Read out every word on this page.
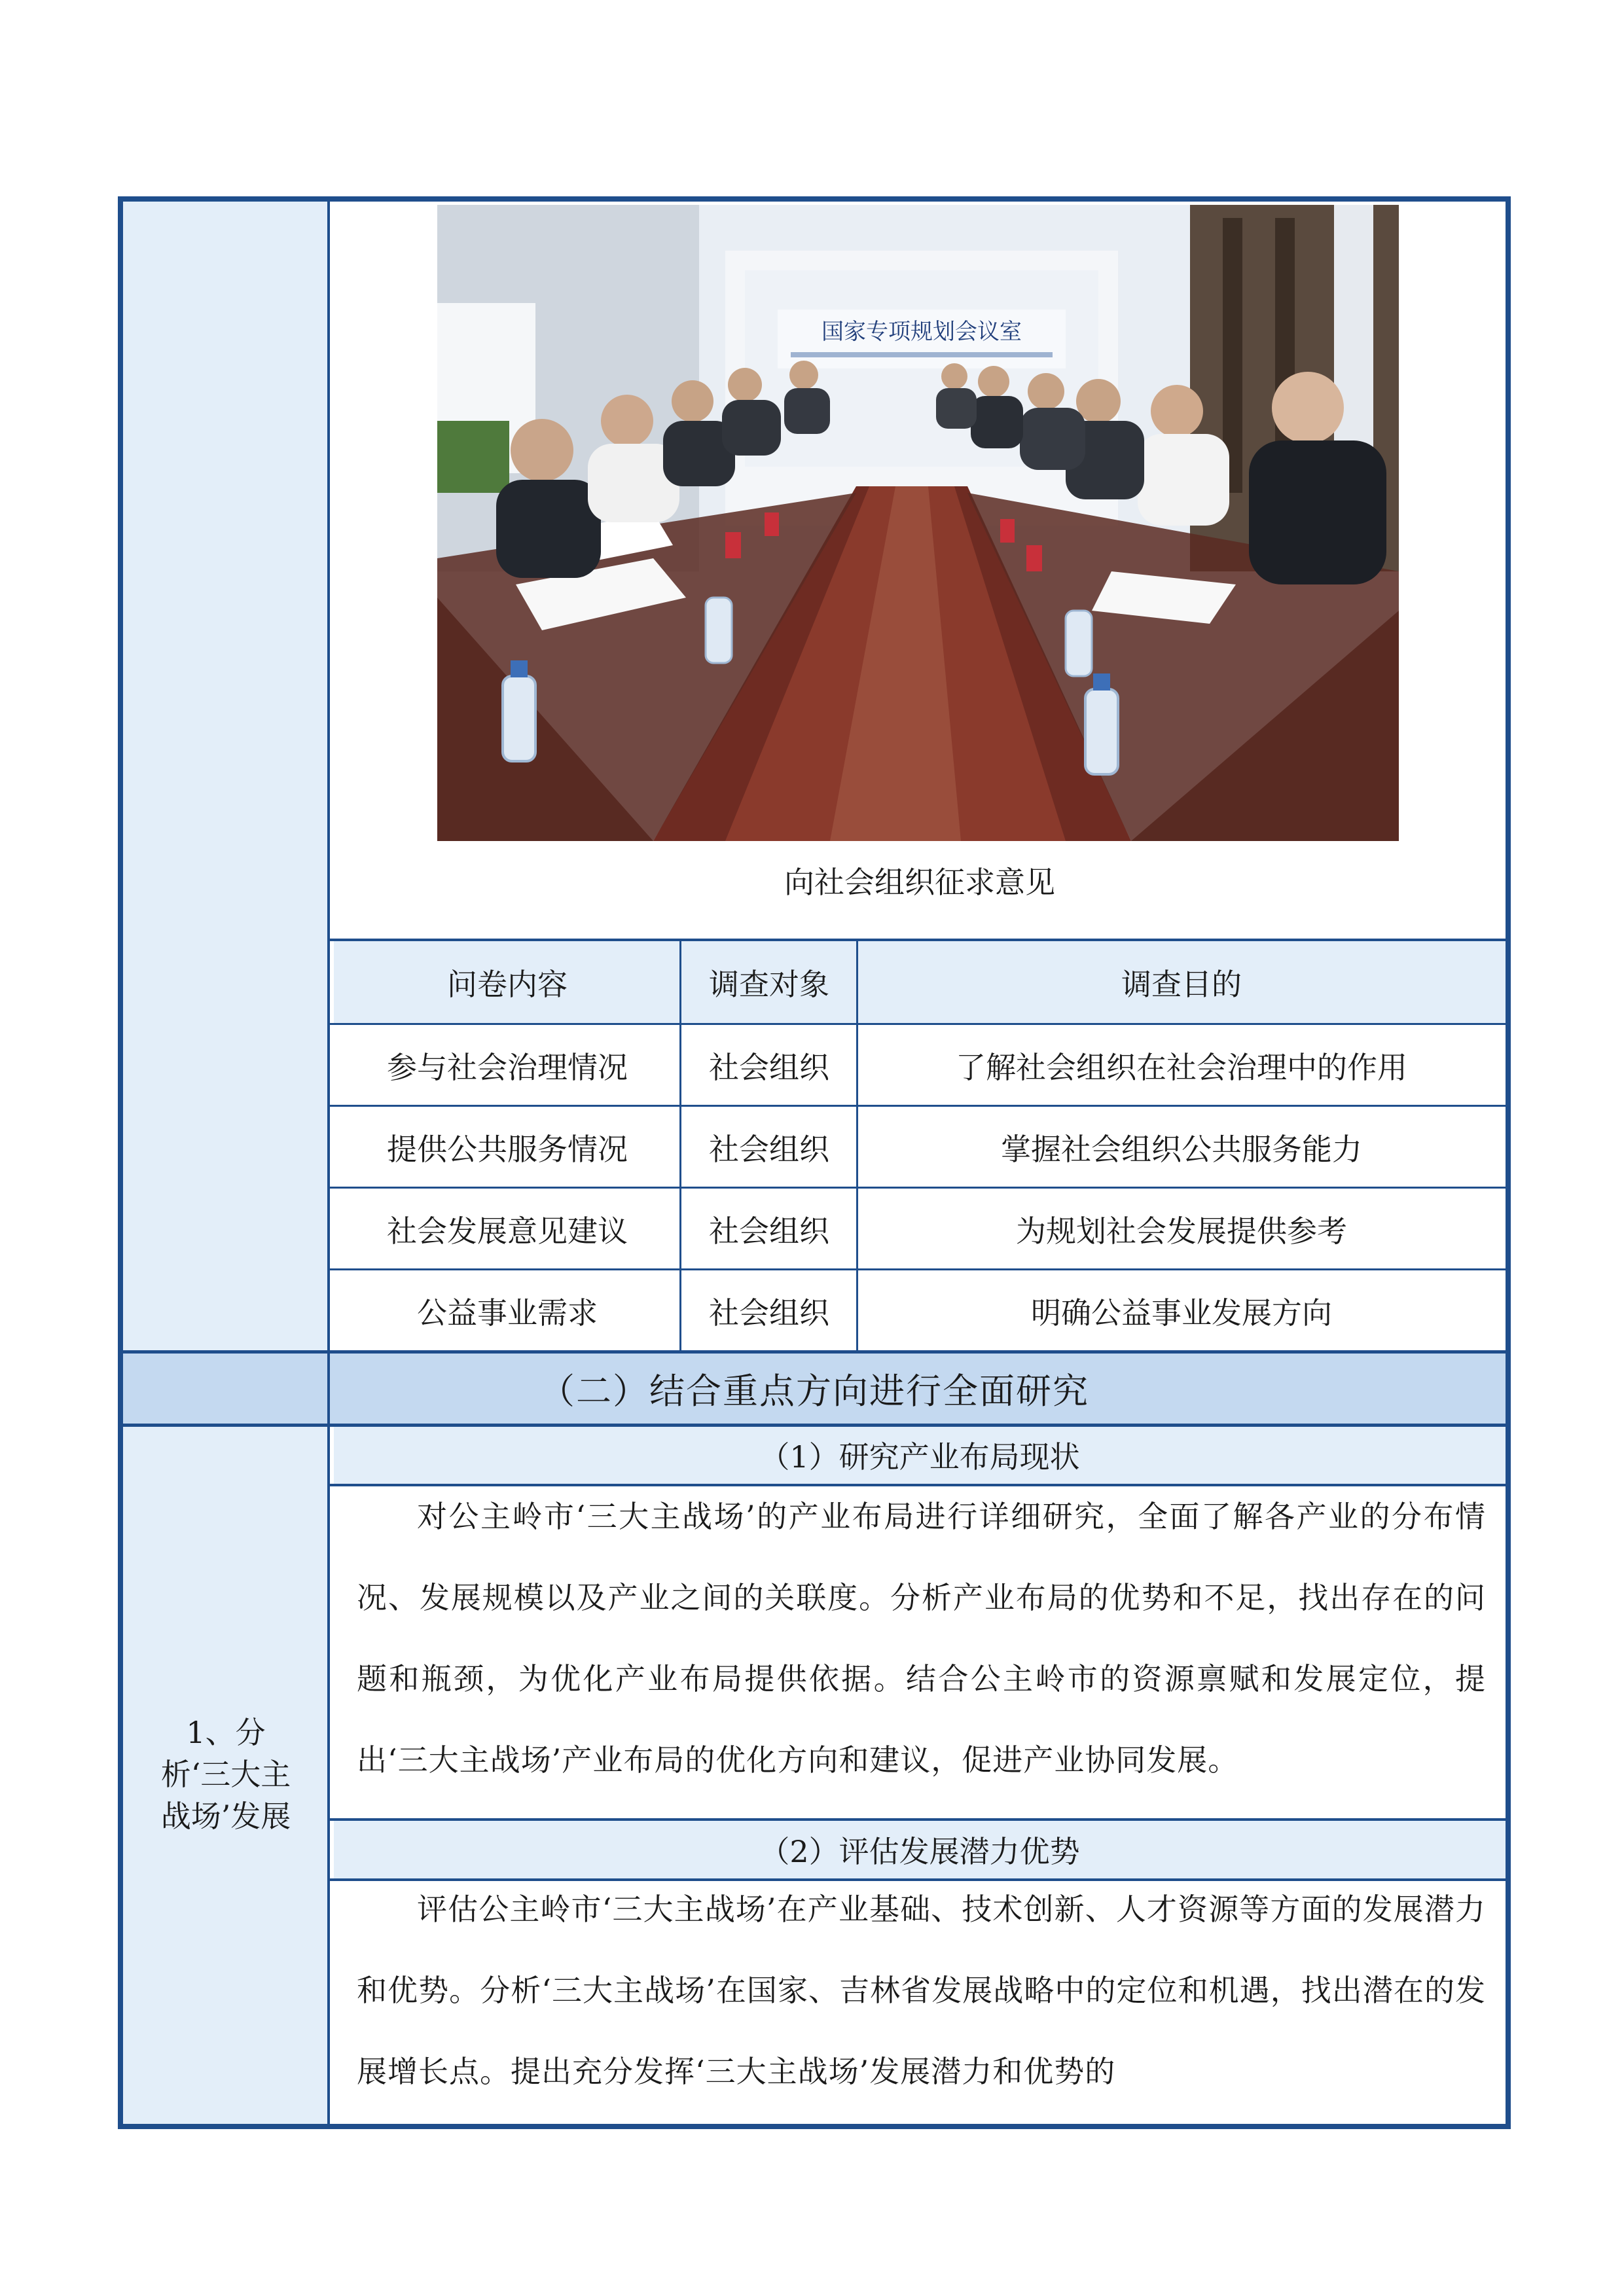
国家专项规划会议室
向社会组织征求意见
问卷内容	调查对象	调查目的
参与社会治理情况	社会组织	了解社会组织在社会治理中的作用
提供公共服务情况	社会组织	掌握社会组织公共服务能力
社会发展意见建议	社会组织	为规划社会发展提供参考
公益事业需求	社会组织	明确公益事业发展方向
（二）结合重点方向进行全面研究
1、分析‘三大主战场’发展
（1）研究产业布局现状
对公主岭市‘三大主战场’的产业布局进行详细研究，全面了解各产业的分布情况、发展规模以及产业之间的关联度。分析产业布局的优势和不足，找出存在的问题和瓶颈，为优化产业布局提供依据。结合公主岭市的资源禀赋和发展定位，提出‘三大主战场’产业布局的优化方向和建议，促进产业协同发展。
（2）评估发展潜力优势
评估公主岭市‘三大主战场’在产业基础、技术创新、人才资源等方面的发展潜力和优势。分析‘三大主战场’在国家、吉林省发展战略中的定位和机遇，找出潜在的发展增长点。提出充分发挥‘三大主战场’发展潜力和优势的
